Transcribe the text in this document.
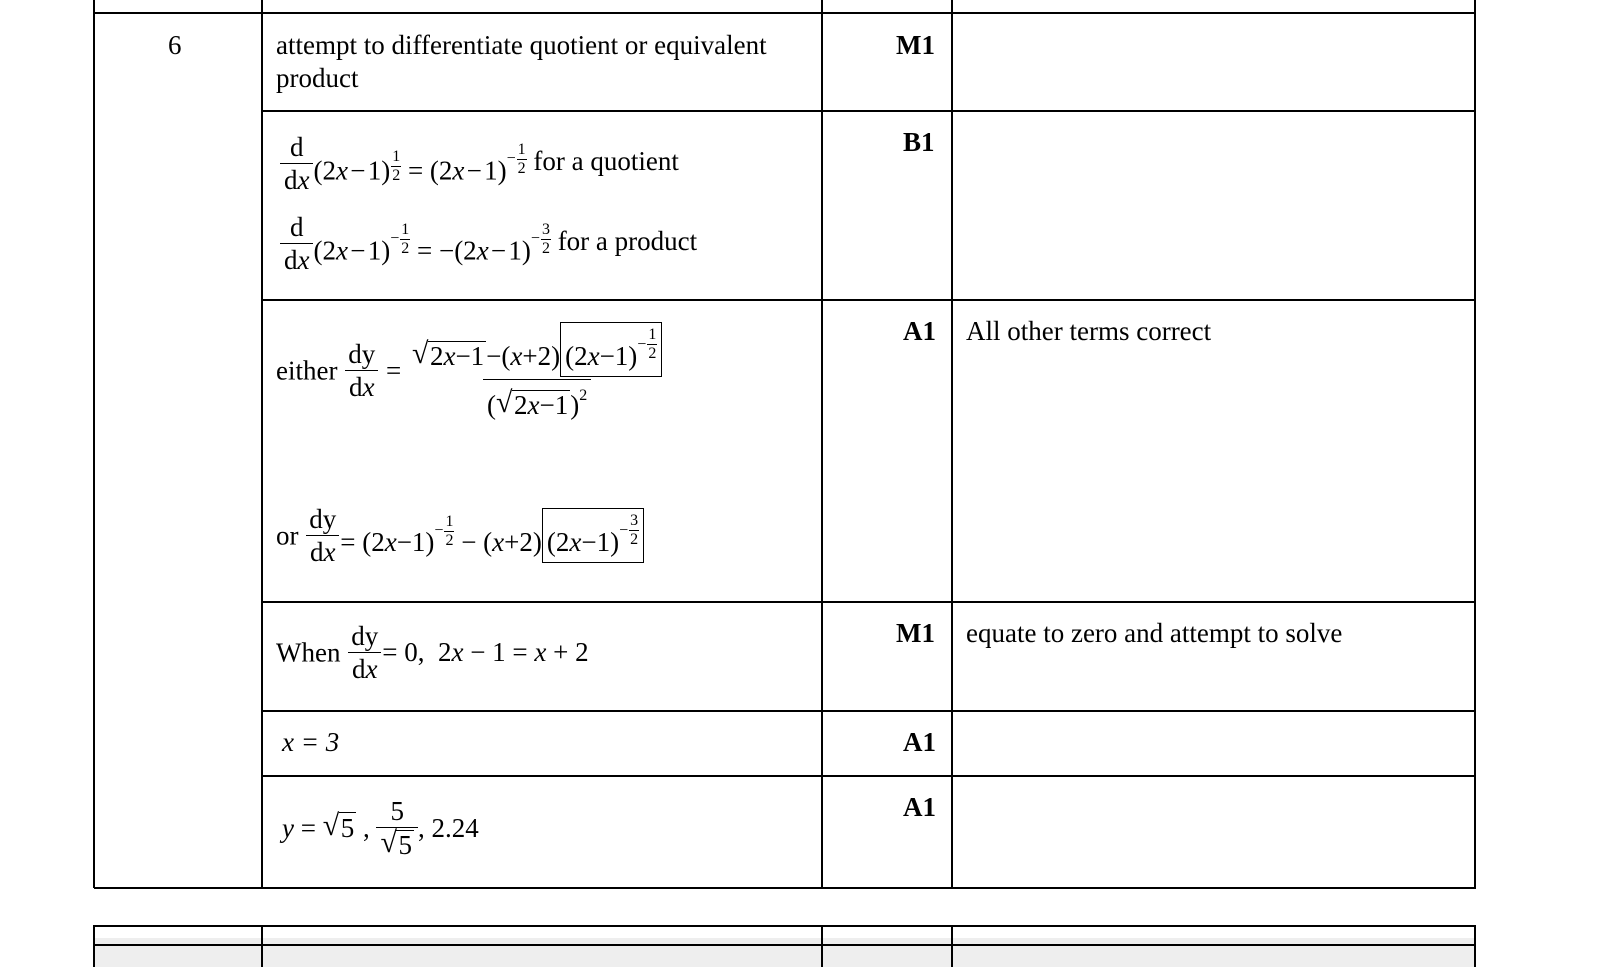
6	attempt to differentiate quotient or equivalent
product
M1
$\frac{d}{dx} (2x$ − $1) \frac{1}{2} = (2x$ − 1)−
1
2 for a quotient
$\frac{d}{dx} (2x$ − 1)−
1
2 = −(2x − 1)−
3
2 for a product
B1
either $\frac{dy}{dx}$ = √ 2x−1−(x+2) (2x−1)−
1
2
( √ 2x−1)$^2$
or $\frac{dy}{dx} = (2x-1)-$
1
2 − (x+2) (2x−1)−
3
2
A1 All other terms correct
When $\frac{dy}{dx} = 0$,  2x − 1 = x + 2
M1 equate to zero and attempt to solve
x = 3	A1
y = √ 5 , $\frac{5}{√ 5}$ , 2.24
A1
